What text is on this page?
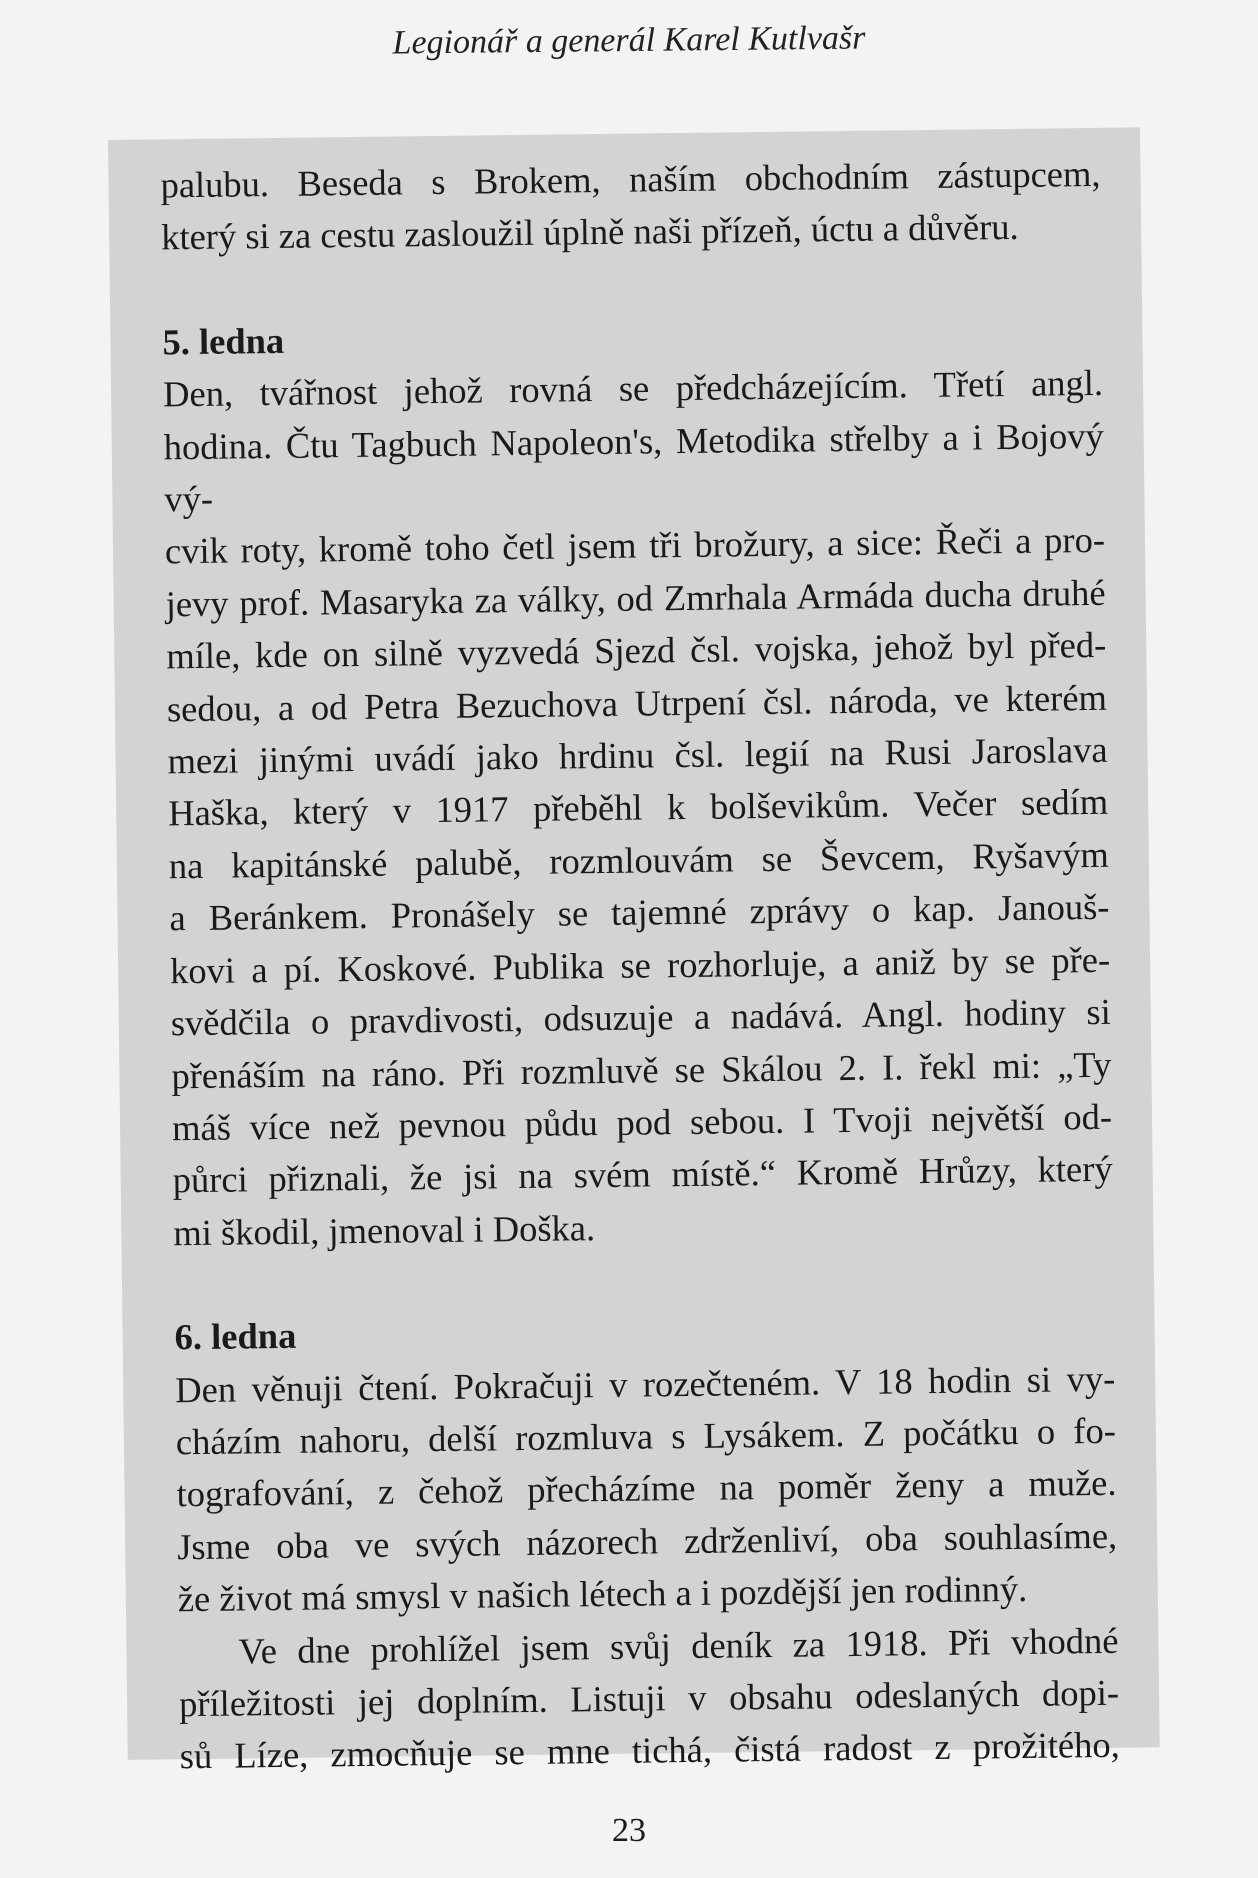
Legionář a generál Karel Kutlvašr
palubu. Beseda s Brokem, naším obchodním zástupcem,
který si za cestu zasloužil úplně naši přízeň, úctu a důvěru.
5. ledna
Den, tvářnost jehož rovná se předcházejícím. Třetí angl.
hodina. Čtu Tagbuch Napoleon's, Metodika střelby a i Bojový vý-
cvik roty, kromě toho četl jsem tři brožury, a sice: Řeči a pro-
jevy prof. Masaryka za války, od Zmrhala Armáda ducha druhé
míle, kde on silně vyzvedá Sjezd čsl. vojska, jehož byl před-
sedou, a od Petra Bezuchova Utrpení čsl. národa, ve kterém
mezi jinými uvádí jako hrdinu čsl. legií na Rusi Jaroslava
Haška, který v 1917 přeběhl k bolševikům. Večer sedím
na kapitánské palubě, rozmlouvám se Ševcem, Ryšavým
a Beránkem. Pronášely se tajemné zprávy o kap. Janouš-
kovi a pí. Koskové. Publika se rozhorluje, a aniž by se pře-
svědčila o pravdivosti, odsuzuje a nadává. Angl. hodiny si
přenáším na ráno. Při rozmluvě se Skálou 2. I. řekl mi: „Ty
máš více než pevnou půdu pod sebou. I Tvoji největší od-
půrci přiznali, že jsi na svém místě.“ Kromě Hrůzy, který
mi škodil, jmenoval i Doška.
6. ledna
Den věnuji čtení. Pokračuji v rozečteném. V 18 hodin si vy-
cházím nahoru, delší rozmluva s Lysákem. Z počátku o fo-
tografování, z čehož přecházíme na poměr ženy a muže.
Jsme oba ve svých názorech zdrženliví, oba souhlasíme,
že život má smysl v našich létech a i pozdější jen rodinný.
Ve dne prohlížel jsem svůj deník za 1918. Při vhodné
příležitosti jej doplním. Listuji v obsahu odeslaných dopi-
sů Líze, zmocňuje se mne tichá, čistá radost z prožitého,
23
